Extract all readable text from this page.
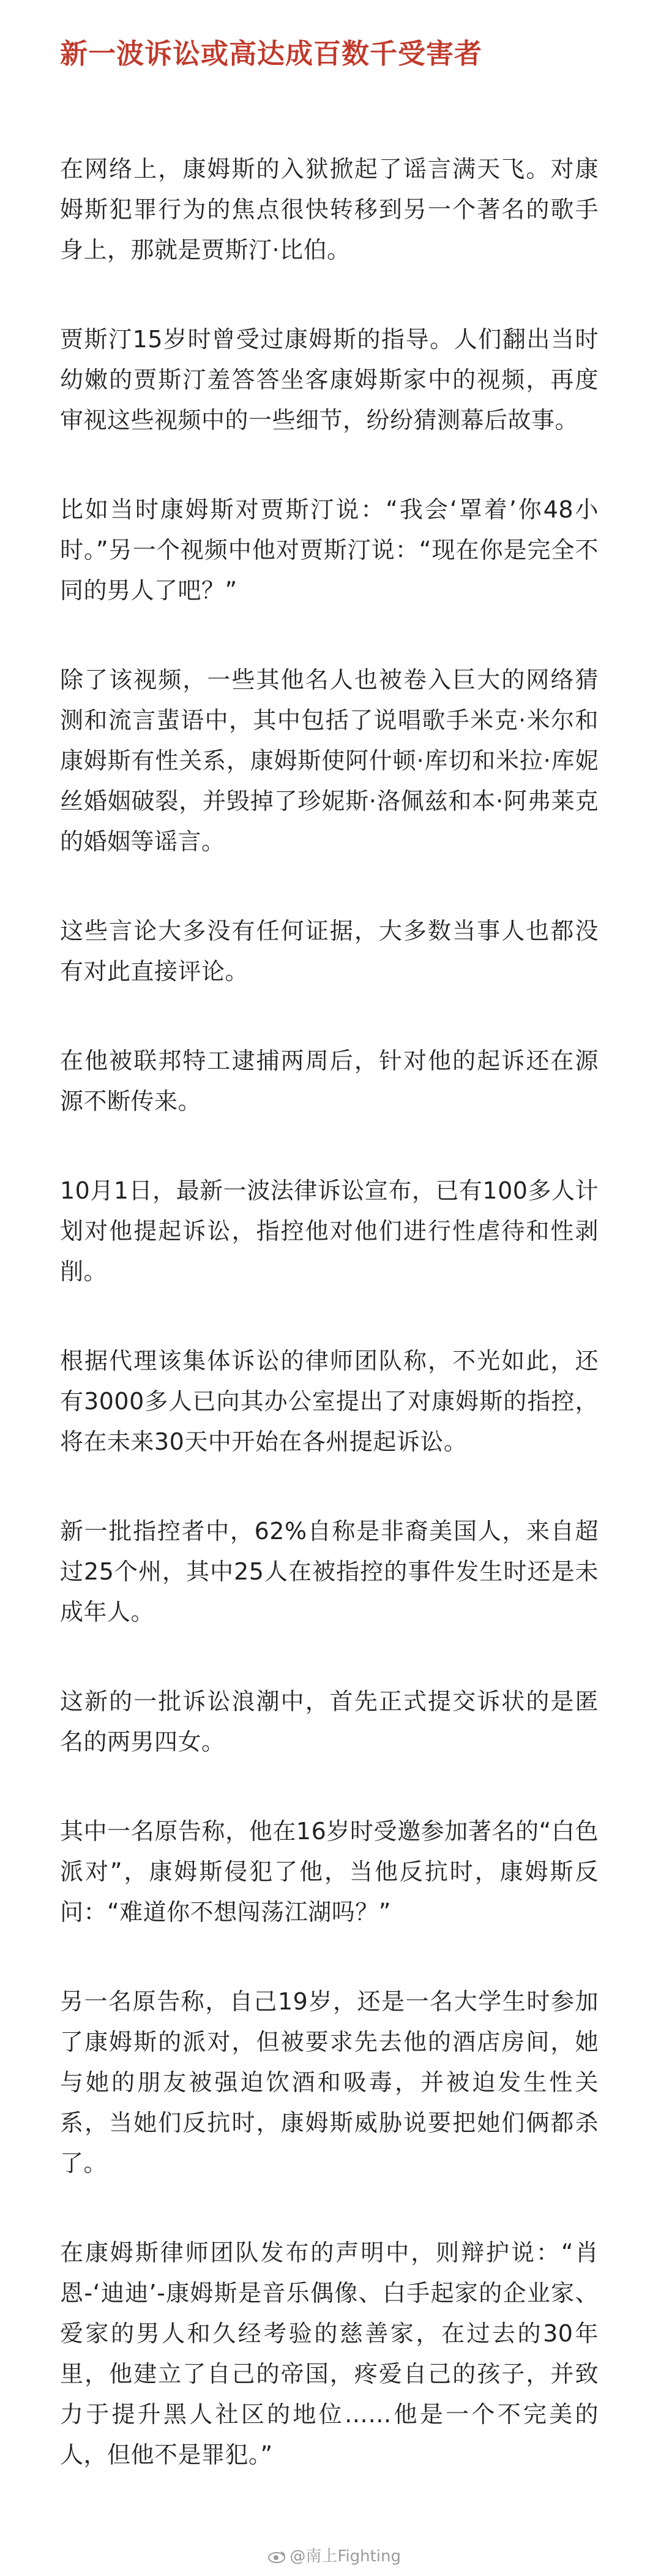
新一波诉讼或高达成百数千受害者
在网络上，康姆斯的入狱掀起了谣言满天飞。对康姆斯犯罪行为的焦点很快转移到另一个著名的歌手身上，那就是贾斯汀·比伯。
贾斯汀15岁时曾受过康姆斯的指导。人们翻出当时幼嫩的贾斯汀羞答答坐客康姆斯家中的视频，再度审视这些视频中的一些细节，纷纷猜测幕后故事。
比如当时康姆斯对贾斯汀说：“我会‘罩着’你48小时。”另一个视频中他对贾斯汀说：“现在你是完全不同的男人了吧？”
除了该视频，一些其他名人也被卷入巨大的网络猜测和流言蜚语中，其中包括了说唱歌手米克·米尔和康姆斯有性关系，康姆斯使阿什顿·库切和米拉·库妮丝婚姻破裂，并毁掉了珍妮斯·洛佩兹和本·阿弗莱克的婚姻等谣言。
这些言论大多没有任何证据，大多数当事人也都没有对此直接评论。
在他被联邦特工逮捕两周后，针对他的起诉还在源源不断传来。
10月1日，最新一波法律诉讼宣布，已有100多人计划对他提起诉讼，指控他对他们进行性虐待和性剥削。
根据代理该集体诉讼的律师团队称，不光如此，还有3000多人已向其办公室提出了对康姆斯的指控，将在未来30天中开始在各州提起诉讼。
新一批指控者中，62%自称是非裔美国人，来自超过25个州，其中25人在被指控的事件发生时还是未成年人。
这新的一批诉讼浪潮中，首先正式提交诉状的是匿名的两男四女。
其中一名原告称，他在16岁时受邀参加著名的“白色派对”，康姆斯侵犯了他，当他反抗时，康姆斯反问：“难道你不想闯荡江湖吗？”
另一名原告称，自己19岁，还是一名大学生时参加了康姆斯的派对，但被要求先去他的酒店房间，她与她的朋友被强迫饮酒和吸毒，并被迫发生性关系，当她们反抗时，康姆斯威胁说要把她们俩都杀了。
在康姆斯律师团队发布的声明中，则辩护说：“肖恩-‘迪迪’-康姆斯是音乐偶像、白手起家的企业家、爱家的男人和久经考验的慈善家，在过去的30年里，他建立了自己的帝国，疼爱自己的孩子，并致力于提升黑人社区的地位……他是一个不完美的人，但他不是罪犯。”
@南上Fighting
